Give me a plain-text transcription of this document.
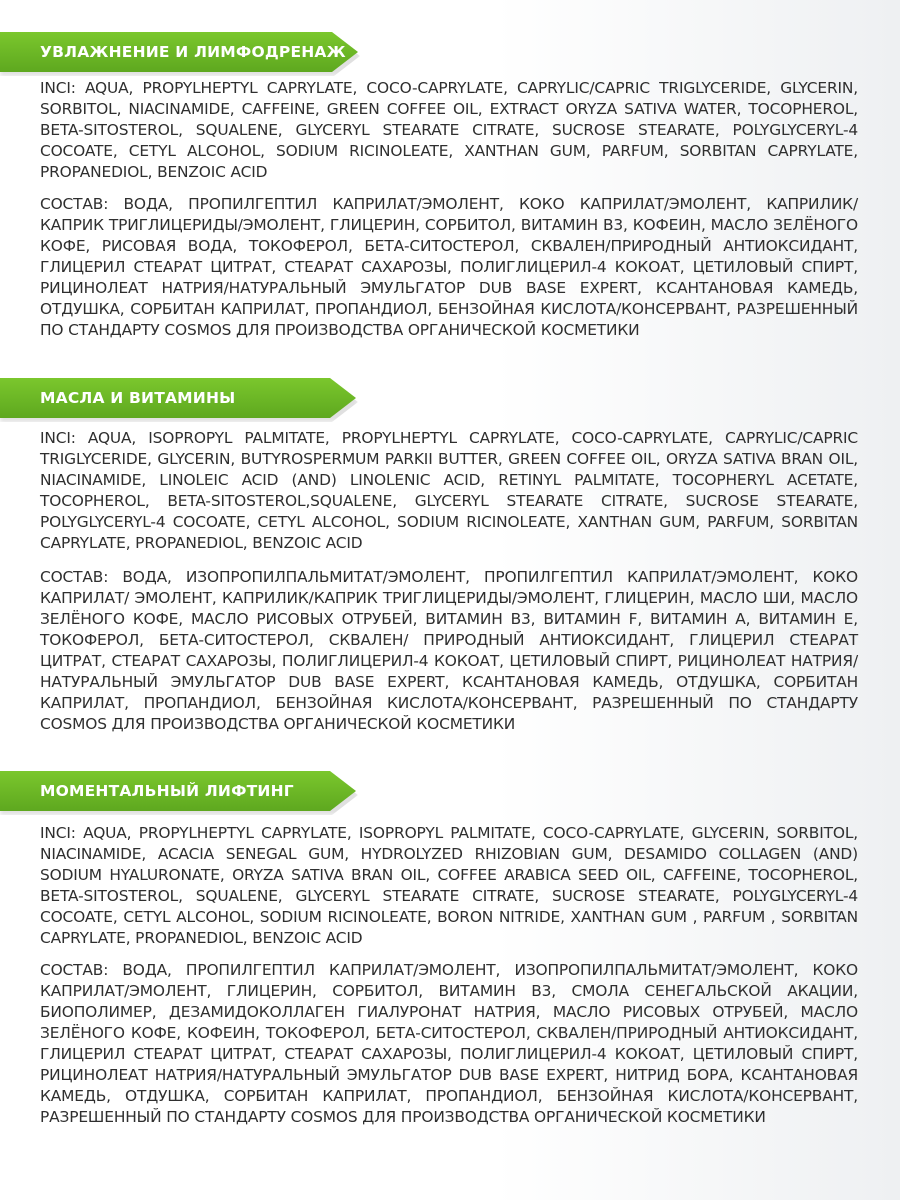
УВЛАЖНЕНИЕ И ЛИМФОДРЕНАЖ

INCI: AQUA, PROPYLHEPTYL CAPRYLATE, COCO-CAPRYLATE, CAPRYLIC/CAPRIC TRIGLYCERIDE, GLYCERIN, SORBITOL, NIACINAMIDE, CAFFEINE, GREEN COFFEE OIL, EXTRACT ORYZA SATIVA WATER, TOCOPHEROL, BETA-SITOSTEROL, SQUALENE, GLYCERYL STEARATE CITRATE, SUCROSE STEARATE, POLYGLYCERYL-4 COCOATE, CETYL ALCOHOL, SODIUM RICINOLEATE, XANTHAN GUM, PARFUM, SORBITAN CAPRYLATE, PROPANEDIOL, BENZOIC ACID

СОСТАВ: ВОДА, ПРОПИЛГЕПТИЛ КАПРИЛАТ/ЭМОЛЕНТ, КОКО КАПРИЛАТ/ЭМОЛЕНТ, КАПРИЛИК/КАПРИК ТРИГЛИЦЕРИДЫ/ЭМОЛЕНТ, ГЛИЦЕРИН, СОРБИТОЛ, ВИТАМИН В3, КОФЕИН, МАСЛО ЗЕЛЁНОГО КОФЕ, РИСОВАЯ ВОДА, ТОКОФЕРОЛ, БЕТА-СИТОСТЕРОЛ, СКВАЛЕН/ПРИРОДНЫЙ АНТИОКСИДАНТ, ГЛИЦЕРИЛ СТЕАРАТ ЦИТРАТ, СТЕАРАТ САХАРОЗЫ, ПОЛИГЛИЦЕРИЛ-4 КОКОАТ, ЦЕТИЛОВЫЙ СПИРТ, РИЦИНОЛЕАТ НАТРИЯ/НАТУРАЛЬНЫЙ ЭМУЛЬГАТОР DUB BASE EXPERT, КСАНТАНОВАЯ КАМЕДЬ, ОТДУШКА, СОРБИТАН КАПРИЛАТ, ПРОПАНДИОЛ, БЕНЗОЙНАЯ КИСЛОТА/КОНСЕРВАНТ, РАЗРЕШЕННЫЙ ПО СТАНДАРТУ COSMOS ДЛЯ ПРОИЗВОДСТВА ОРГАНИЧЕСКОЙ КОСМЕТИКИ

МАСЛА И ВИТАМИНЫ

INCI: AQUA, ISOPROPYL PALMITATE, PROPYLHEPTYL CAPRYLATE, COCO-CAPRYLATE, CAPRYLIC/CAPRIC TRIGLYCERIDE, GLYCERIN, BUTYROSPERMUM PARKII BUTTER, GREEN COFFEE OIL, ORYZA SATIVA BRAN OIL, NIACINAMIDE, LINOLEIC ACID (AND) LINOLENIC ACID, RETINYL PALMITATE, TOCOPHERYL ACETATE, TOCOPHEROL, BETA-SITOSTEROL,SQUALENE, GLYCERYL STEARATE CITRATE, SUCROSE STEARATE, POLYGLYCERYL-4 COCOATE, CETYL ALCOHOL, SODIUM RICINOLEATE, XANTHAN GUM, PARFUM, SORBITAN CAPRYLATE, PROPANEDIOL, BENZOIC ACID

СОСТАВ: ВОДА, ИЗОПРОПИЛПАЛЬМИТАТ/ЭМОЛЕНТ, ПРОПИЛГЕПТИЛ КАПРИЛАТ/ЭМОЛЕНТ, КОКО КАПРИЛАТ/ ЭМОЛЕНТ, КАПРИЛИК/КАПРИК ТРИГЛИЦЕРИДЫ/ЭМОЛЕНТ, ГЛИЦЕРИН, МАСЛО ШИ, МАСЛО ЗЕЛЁНОГО КОФЕ, МАСЛО РИСОВЫХ ОТРУБЕЙ, ВИТАМИН В3, ВИТАМИН F, ВИТАМИН А, ВИТАМИН Е, ТОКОФЕРОЛ, БЕТА-СИТОСТЕРОЛ, СКВАЛЕН/ ПРИРОДНЫЙ АНТИОКСИДАНТ, ГЛИЦЕРИЛ СТЕАРАТ ЦИТРАТ, СТЕАРАТ САХАРОЗЫ, ПОЛИГЛИЦЕРИЛ-4 КОКОАТ, ЦЕТИЛОВЫЙ СПИРТ, РИЦИНОЛЕАТ НАТРИЯ/НАТУРАЛЬНЫЙ ЭМУЛЬГАТОР DUB BASE EXPERT, КСАНТАНОВАЯ КАМЕДЬ, ОТДУШКА, СОРБИТАН КАПРИЛАТ, ПРОПАНДИОЛ, БЕНЗОЙНАЯ КИСЛОТА/КОНСЕРВАНТ, РАЗРЕШЕННЫЙ ПО СТАНДАРТУ COSMOS ДЛЯ ПРОИЗВОДСТВА ОРГАНИЧЕСКОЙ КОСМЕТИКИ

МОМЕНТАЛЬНЫЙ ЛИФТИНГ

INCI: AQUA, PROPYLHEPTYL CAPRYLATE, ISOPROPYL PALMITATE, COCO-CAPRYLATE, GLYCERIN, SORBITOL, NIACINAMIDE, ACACIA SENEGAL GUM, HYDROLYZED RHIZOBIAN GUM, DESAMIDO COLLAGEN (AND) SODIUM HYALURONATE, ORYZA SATIVA BRAN OIL, COFFEE ARABICA SEED OIL, CAFFEINE, TOCOPHEROL, BETA-SITOSTEROL, SQUALENE, GLYCERYL STEARATE CITRATE, SUCROSE STEARATE, POLYGLYCERYL-4 COCOATE, CETYL ALCOHOL, SODIUM RICINOLEATE, BORON NITRIDE, XANTHAN GUM , PARFUM , SORBITAN CAPRYLATE, PROPANEDIOL, BENZOIC ACID

СОСТАВ: ВОДА, ПРОПИЛГЕПТИЛ КАПРИЛАТ/ЭМОЛЕНТ, ИЗОПРОПИЛПАЛЬМИТАТ/ЭМОЛЕНТ, КОКО КАПРИЛАТ/ЭМОЛЕНТ, ГЛИЦЕРИН, СОРБИТОЛ, ВИТАМИН В3, СМОЛА СЕНЕГАЛЬСКОЙ АКАЦИИ, БИОПОЛИМЕР, ДЕЗАМИДОКОЛЛАГЕН ГИАЛУРОНАТ НАТРИЯ, МАСЛО РИСОВЫХ ОТРУБЕЙ, МАСЛО ЗЕЛЁНОГО КОФЕ, КОФЕИН, ТОКОФЕРОЛ, БЕТА-СИТОСТЕРОЛ, СКВАЛЕН/ПРИРОДНЫЙ АНТИОКСИДАНТ, ГЛИЦЕРИЛ СТЕАРАТ ЦИТРАТ, СТЕАРАТ САХАРОЗЫ, ПОЛИГЛИЦЕРИЛ-4 КОКОАТ, ЦЕТИЛОВЫЙ СПИРТ, РИЦИНОЛЕАТ НАТРИЯ/НАТУРАЛЬНЫЙ ЭМУЛЬГАТОР DUB BASE EXPERT, НИТРИД БОРА, КСАНТАНОВАЯ КАМЕДЬ, ОТДУШКА, СОРБИТАН КАПРИЛАТ, ПРОПАНДИОЛ, БЕНЗОЙНАЯ КИСЛОТА/КОНСЕРВАНТ, РАЗРЕШЕННЫЙ ПО СТАНДАРТУ COSMOS ДЛЯ ПРОИЗВОДСТВА ОРГАНИЧЕСКОЙ КОСМЕТИКИ
